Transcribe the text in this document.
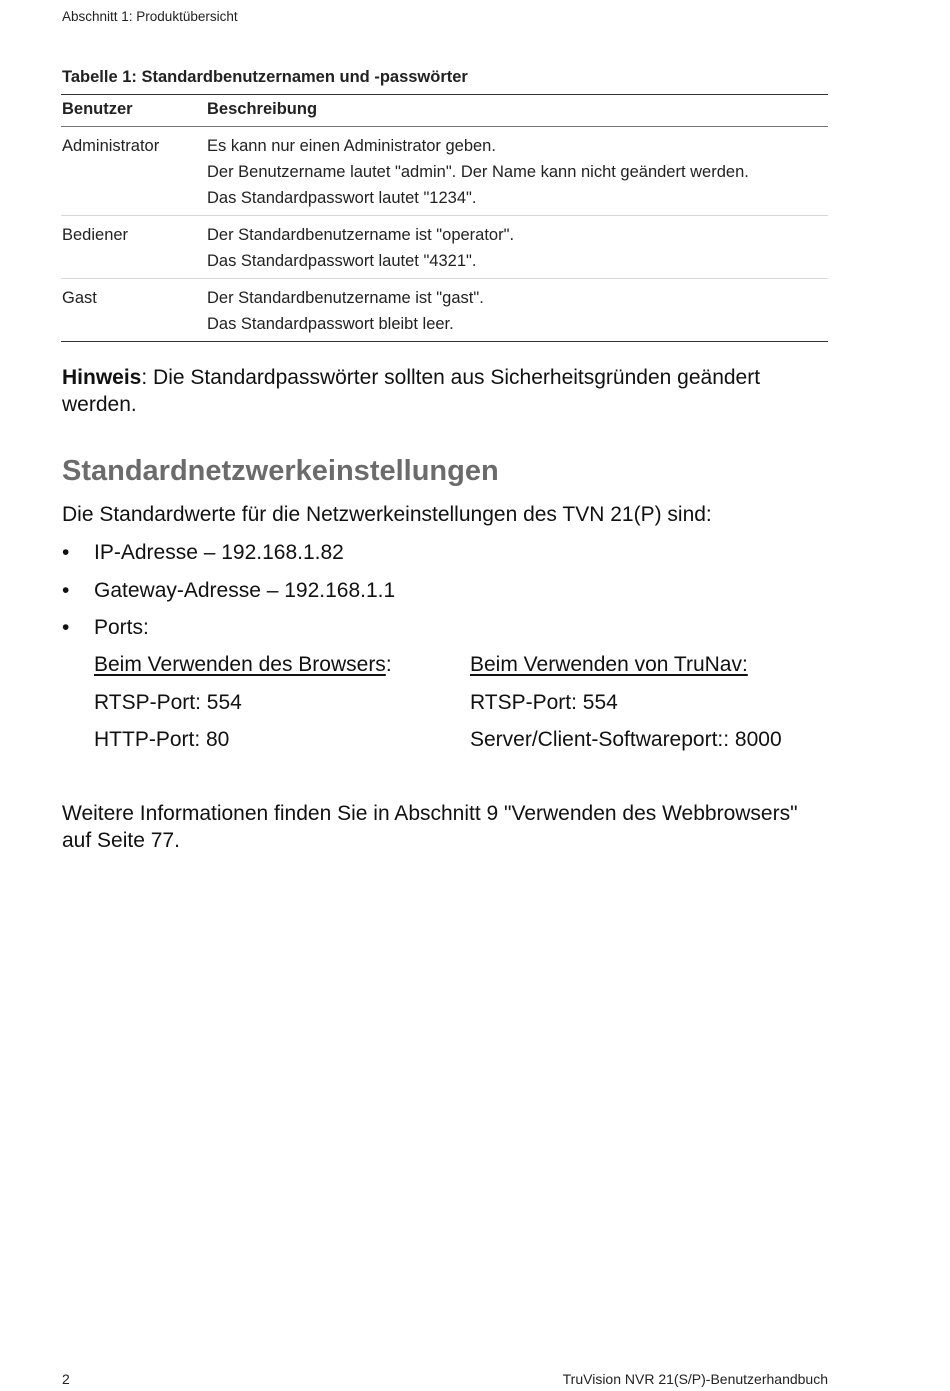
Abschnitt 1: Produktübersicht
Tabelle 1: Standardbenutzernamen und -passwörter
Benutzer	Beschreibung
Administrator	Es kann nur einen Administrator geben.
Der Benutzername lautet "admin". Der Name kann nicht geändert werden.
Das Standardpasswort lautet "1234".

Bediener	Der Standardbenutzername ist "operator".
Das Standardpasswort lautet "4321".

Gast	Der Standardbenutzername ist "gast".
Das Standardpasswort bleibt leer.
Hinweis: Die Standardpasswörter sollten aus Sicherheitsgründen geändert werden.
Standardnetzwerkeinstellungen
Die Standardwerte für die Netzwerkeinstellungen des TVN 21(P) sind:
• IP-Adresse – 192.168.1.82
• Gateway-Adresse – 192.168.1.1
• Ports:
Beim Verwenden des Browsers:	Beim Verwenden von TruNav:
RTSP-Port: 554	RTSP-Port: 554
HTTP-Port: 80	Server/Client-Softwareport:: 8000
Weitere Informationen finden Sie in Abschnitt 9 "Verwenden des Webbrowsers" auf Seite 77.
2	TruVision NVR 21(S/P)-Benutzerhandbuch
